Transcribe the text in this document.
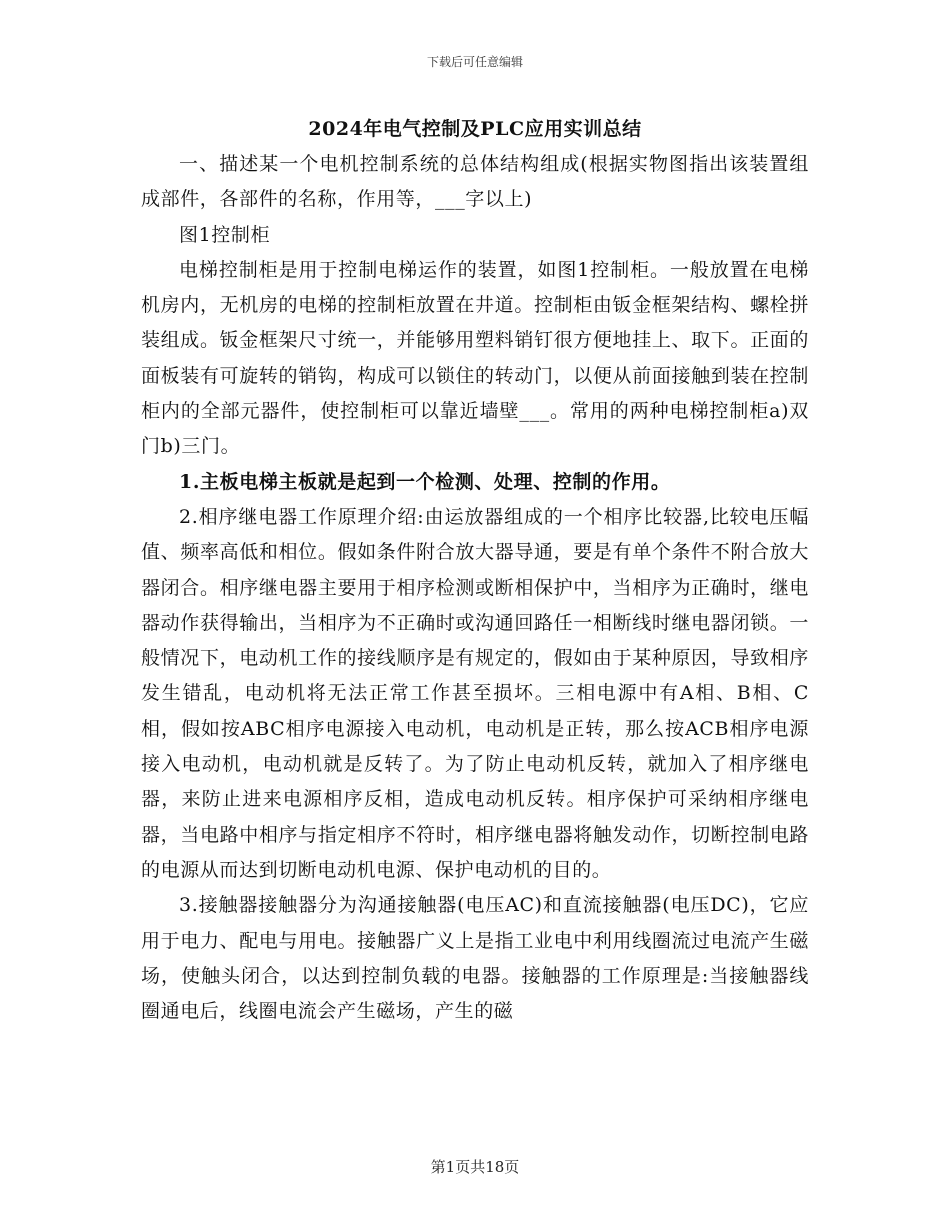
下载后可任意编辑
2024年电气控制及PLC应用实训总结

一、描述某一个电机控制系统的总体结构组成(根据实物图指出该装置组成部件，各部件的名称，作用等，___字以上)

图1控制柜

电梯控制柜是用于控制电梯运作的装置，如图1控制柜。一般放置在电梯机房内，无机房的电梯的控制柜放置在井道。控制柜由钣金框架结构、螺栓拼装组成。钣金框架尺寸统一，并能够用塑料销钉很方便地挂上、取下。正面的面板装有可旋转的销钩，构成可以锁住的转动门，以便从前面接触到装在控制柜内的全部元器件，使控制柜可以靠近墙壁___。常用的两种电梯控制柜a)双门b)三门。

1.主板电梯主板就是起到一个检测、处理、控制的作用。

2.相序继电器工作原理介绍:由运放器组成的一个相序比较器,比较电压幅值、频率高低和相位。假如条件附合放大器导通，要是有单个条件不附合放大器闭合。相序继电器主要用于相序检测或断相保护中，当相序为正确时，继电器动作获得输出，当相序为不正确时或沟通回路任一相断线时继电器闭锁。一般情况下，电动机工作的接线顺序是有规定的，假如由于某种原因，导致相序发生错乱，电动机将无法正常工作甚至损坏。三相电源中有A相、B相、C相，假如按ABC相序电源接入电动机，电动机是正转，那么按ACB相序电源接入电动机，电动机就是反转了。为了防止电动机反转，就加入了相序继电器，来防止进来电源相序反相，造成电动机反转。相序保护可采纳相序继电器，当电路中相序与指定相序不符时，相序继电器将触发动作，切断控制电路的电源从而达到切断电动机电源、保护电动机的目的。

3.接触器接触器分为沟通接触器(电压AC)和直流接触器(电压DC)，它应用于电力、配电与用电。接触器广义上是指工业电中利用线圈流过电流产生磁场，使触头闭合，以达到控制负载的电器。接触器的工作原理是:当接触器线圈通电后，线圈电流会产生磁场，产生的磁

第1页共18页
